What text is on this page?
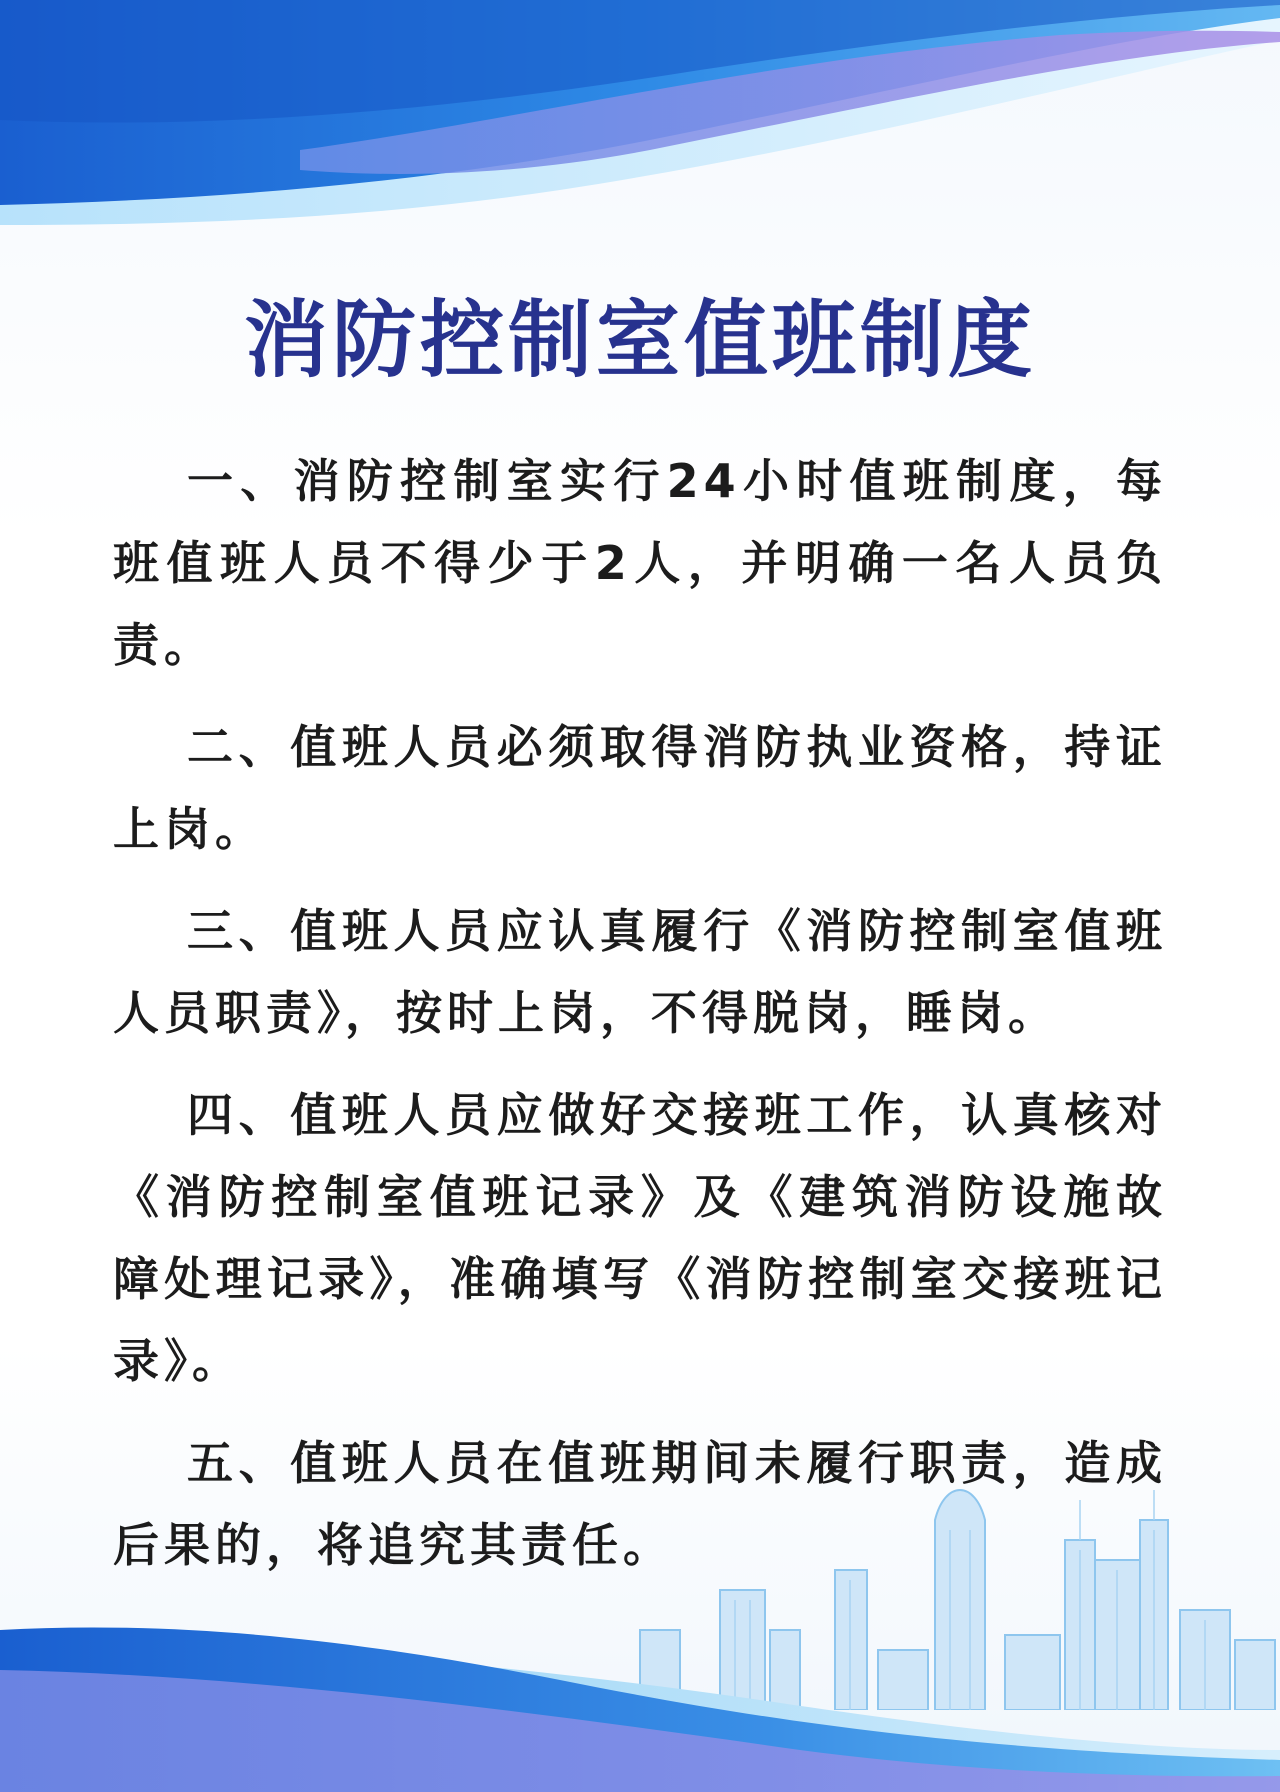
消防控制室值班制度

一、消防控制室实行24小时值班制度，每班值班人员不得少于2人，并明确一名人员负责。

二、值班人员必须取得消防执业资格，持证上岗。

三、值班人员应认真履行《消防控制室值班人员职责》，按时上岗，不得脱岗，睡岗。

四、值班人员应做好交接班工作，认真核对《消防控制室值班记录》及《建筑消防设施故障处理记录》，准确填写《消防控制室交接班记录》。

五、值班人员在值班期间未履行职责，造成后果的，将追究其责任。
